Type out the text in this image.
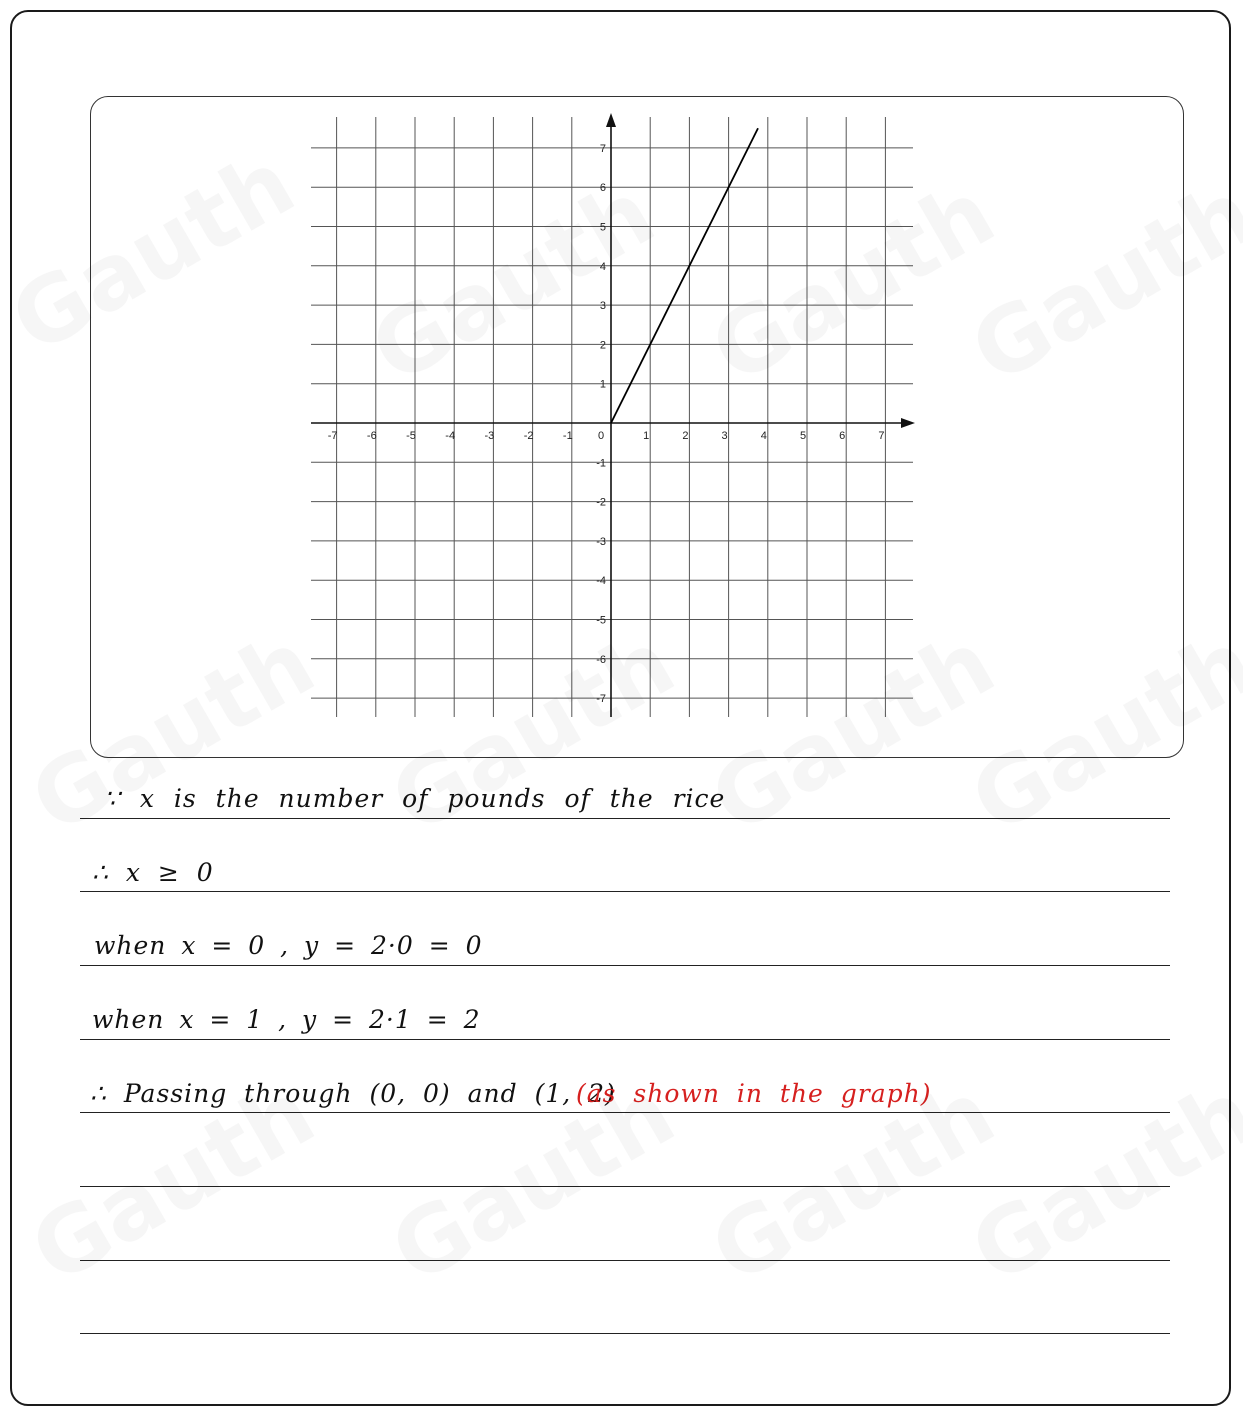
-7	-6	-5	-4	-3	-2	-1 0	1	2	3	4	5	6	7
7
6
5
4
3
2
1
-1
-2
-3
-4
-5
-6
-7
∵ x is the number of pounds of the rice
∴ x ≥ 0
when x = 0 , y = 2·0 = 0
when x = 1 , y = 2·1 = 2
∴ Passing through (0, 0) and (1, 2)
(as shown in the graph)
